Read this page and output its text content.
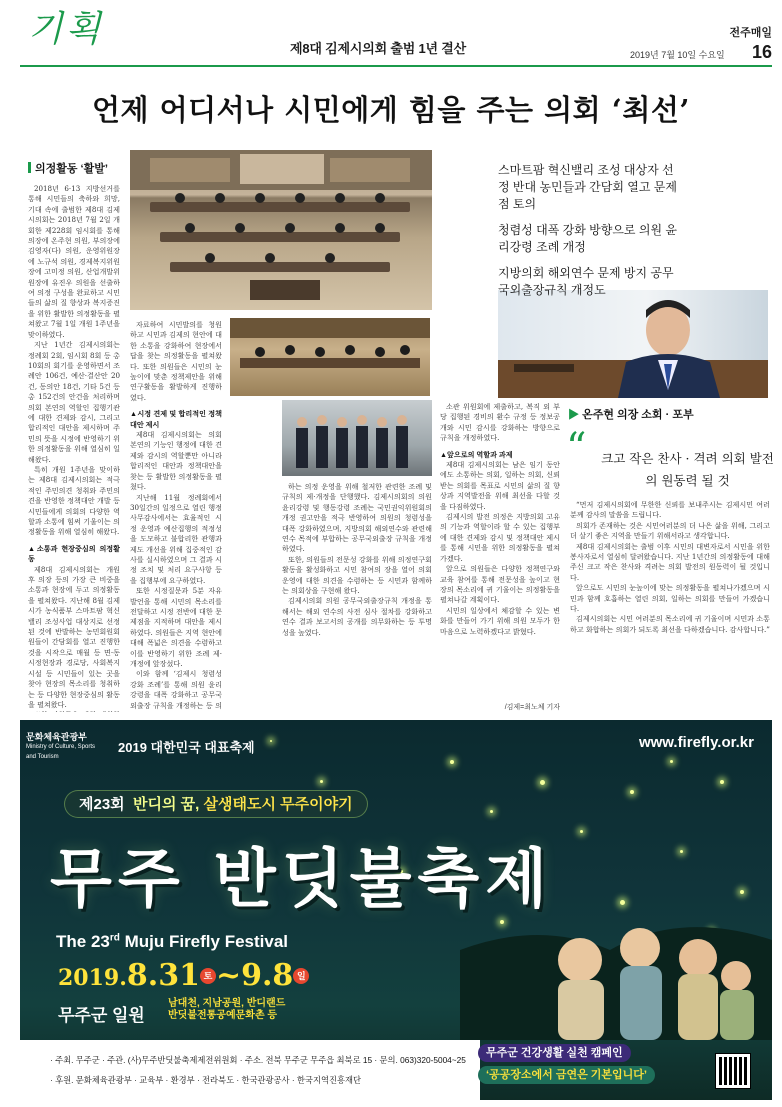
기획	제8대 김제시의회 출범 1년 결산
전주매일
2019년 7월 10일 수요일 16
언제 어디서나 시민에게 힘을 주는 의회 ‘최선’
의정활동 ‘활발’

2018년 6·13 지방선거를 통해 시민들의 축하와 희망, 기대 속에 출범한 제8대 김제시의회는 2018년 7월 2일 개회한 제228회 임시회를 통해 의장에 온주현 의원, 부의장에 김영자(다) 의원, 운영위원장에 노규석 의원, 경제복지위원장에 고미정 의원, 산업개발위원장에 유진우 의원을 선출하여 의정 구성을 완료하고 시민들의 삶의 질 향상과 복지증진을 위한 활발한 의정활동을 펼쳐왔고 7월 1일 개원 1주년을 맞이하였다.

지난 1년간 김제시의회는 정례회 2회, 임시회 8회 등 총 10회의 회기를 운영하면서 조례안 106건, 예산·결산안 20건, 동의안 18건, 기타 5건 등 총 152건의 안건을 처리하며 의회 본연의 역할인 집행기관에 대한 견제와 감시, 그리고 합리적인 대안을 제시하며 주민의 뜻을 시정에 반영하기 위한 의정활동을 위해 열심히 일해왔다.

특히 개원 1주년을 맞이하는 제8대 김제시의회는 적극적인 주민의견 청취와 주민의견을 반영한 정책대안 개발 등 시민들에게 의회의 다양한 역할과 소통에 힘써 기울이는 의정활동을 위해 열심히 해왔다.

▲소통과 현장중심의 의정활동

제8대 김제시의회는 개원 후 의장 등의 가장 큰 비중을 소통과 현장에 두고 의정활동을 펼쳐왔다. 지난해 8월 김제시가 농식품부 스마트팜 혁신밸리 조성사업 대상지로 선정된 것에 반발하는 농민회원회원들이 간담회를 열고 진행한 것을 시작으로 매월 등 면·동 시정현장과 경로당, 사회복지시설 등 시민들이 있는 곳을 찾아 현장의 목소리를 청취하는 등 다양한 현장중심의 활동을 펼쳐왔다.

스마트팜 혁신밸리 조성 대상자 선정 반대 농민들과 간담회 열고 문제점 토의
청렴성 대폭 강화 방향으로 의원 윤리강령 조례 개정
지방의회 해외연수 문제 방지 공무국외출장규칙 개정도

자료하여 시민발의를 청원하고 시민과 김제의 현안에 대한 소통을 강화하여 현장에서 답을 찾는 의정활동을 펼쳐왔다. 또한 의원들은 시민의 눈높이에 맞춘 정책제안을 위해 연구활동을 활발하게 진행하였다.

▲시정 견제 및 합리적인 정책대안 제시

제8대 김제시의회는 의회 본연의 기능인 행정에 대한 견제와 감시의 역할뿐만 아니라 합리적인 대안과 정책대안을 찾는 등 활발한 의정활동을 펼쳤다.

지난해 11월 정례회에서 30일간의 일정으로 열린 행정사무감사에서는 효율적인 시정 운영과 예산집행의 적정성을 도모하고 불합리한 관행과 제도 개선을 위해 집중적인 감사를 실시하였으며 그 결과 시정 조치 및 처리 요구사항 등을 집행부에 요구하였다.

또한 시정질문과 5분 자유발언을 통해 시민의 목소리를 전달하고 시정 전반에 대한 문제점을 지적하며 대안을 제시하였다. 의원들은 지역 현안에 대해 폭넓은 의견을 수렴하고 이를 반영하기 위한 조례 제·개정에 앞장섰다.

이와 함께 ‘김제시 청렴성 강화 조례’를 통해 의원 윤리강령을 대폭 강화하고 공무국외출장 규칙을 개정하는 등 의

하는 의정 운영을 위해 철저한 관련한 조례 및 규칙의 제·개정을 단행했다. 김제시의회의 의원 윤리강령 및 행동강령 조례는 국민권익위원회의 개정 권고안을 적극 반영하여 의원의 청렴성을 대폭 강화하였으며, 지방의회 해외연수와 관련해 연수 목적에 부합하는 공무국외출장 규칙을 개정하였다.

또한, 의원들의 전문성 강화를 위해 의정연구회 활동을 활성화하고 시민 참여의 장을 열어 의회 운영에 대한 의견을 수렴하는 등 시민과 함께하는 의회상을 구현해 왔다.

김제시의회 의원 공무국외출장규칙 개정을 통해서는 해외 연수의 사전 심사 절차를 강화하고 연수 결과 보고서의 공개를 의무화하는 등 투명성을 높였다.

소관 위원회에 제출하고, 복직 외 부당 집행된 경비의 환수 규정 등 정보공개와 시민 감시를 강화하는 방향으로 규칙을 개정하였다.

▲앞으로의 역할과 과제

제8대 김제시의회는 남은 임기 동안에도 소통하는 의회, 일하는 의회, 신뢰받는 의회를 목표로 시민의 삶의 질 향상과 지역발전을 위해 최선을 다할 것을 다짐하였다.

김제시의 발전 의정은 지방의회 고유의 기능과 역할이라 할 수 있는 집행부에 대한 견제와 감시 및 정책대안 제시를 통해 시민을 위한 의정활동을 펼쳐가겠다.

앞으로 의원들은 다양한 정책연구와 교육 참여를 통해 전문성을 높이고 현장의 목소리에 귀 기울이는 의정활동을 펼쳐나갈 계획이다.

시민의 일상에서 체감할 수 있는 변화를 만들어 가기 위해 의원 모두가 한마음으로 노력하겠다고 밝혔다.

▶ 온주현 의장 소회 · 포부
“ 크고 작은 찬사 · 격려 의회 발전의 원동력 될 것

“먼저 김제시의회에 무한한 신뢰를 보내주시는 김제시민 여러분께 감사의 말씀을 드립니다.

의회가 존재하는 것은 시민여러분의 더 나은 삶을 위해, 그리고 더 살기 좋은 지역을 만들기 위해서라고 생각합니다.

제8대 김제시의회는 출범 이후 시민의 대변자로서 시민을 위한 봉사자로서 열심히 달려왔습니다. 지난 1년간의 의정활동에 대해 주신 크고 작은 찬사와 격려는 의회 발전의 원동력이 될 것입니다.

앞으로도 시민의 눈높이에 맞는 의정활동을 펼쳐나가겠으며 시민과 함께 호흡하는 열린 의회, 일하는 의회를 만들어 가겠습니다.

김제시의회는 시민 여러분의 목소리에 귀 기울이며 시민과 소통하고 화합하는 의회가 되도록 최선을 다하겠습니다. 감사합니다.”

/김제=최노체 기자
문화체육관광부
Ministry of Culture, Sports and Tourism
2019 대한민국 대표축제	www.firefly.or.kr
제23회 반디의 꿈, 살생태도시 무주이야기
무주 반딧불축제
The 23rd Muju Firefly Festival
2019.8.31 토 ~9.8 일
무주군 일원
남대천, 지남공원, 반디랜드
반딧불전통공예문화촌 등
· 주최. 무주군 · 주관. (사)무주반딧불축제제전위원회 · 주소. 전북 무주군 무주읍 최북로 15 · 문의. 063)320-5004~25
· 후원. 문화체육관광부 · 교육부 · 환경부 · 전라북도 · 한국관광공사 · 한국지역진흥재단
무주군 건강생활 실천 캠페인
‘공공장소에서 금연은 기본입니다’
